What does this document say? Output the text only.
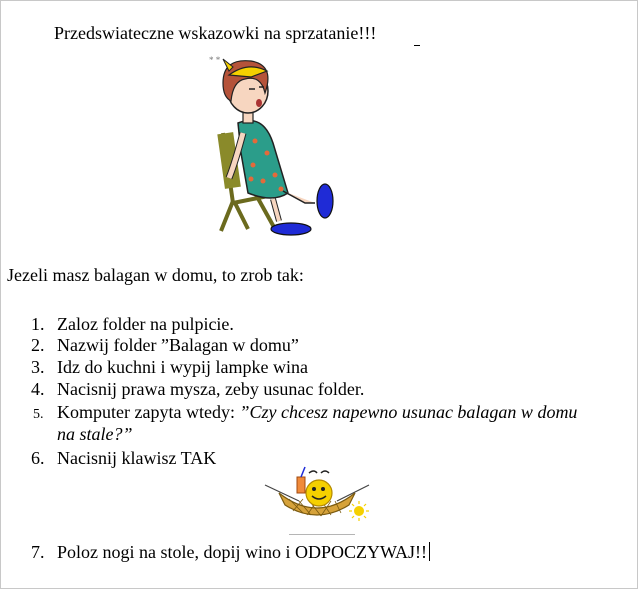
Przedswiateczne wskazowki na sprzatanie!!!
* *
Jezeli masz balagan w domu, to zrob tak:
1. Zaloz folder na pulpicie.
2. Nazwij folder ”Balagan w domu”
3. Idz do kuchni i wypij lampke wina
4. Nacisnij prawa mysza, zeby usunac folder.
5. Komputer zapyta wtedy: ”Czy chcesz napewno usunac balagan w domu
na stale?”
6. Nacisnij klawisz TAK
7. Poloz nogi na stole, dopij wino i ODPOCZYWAJ!!
